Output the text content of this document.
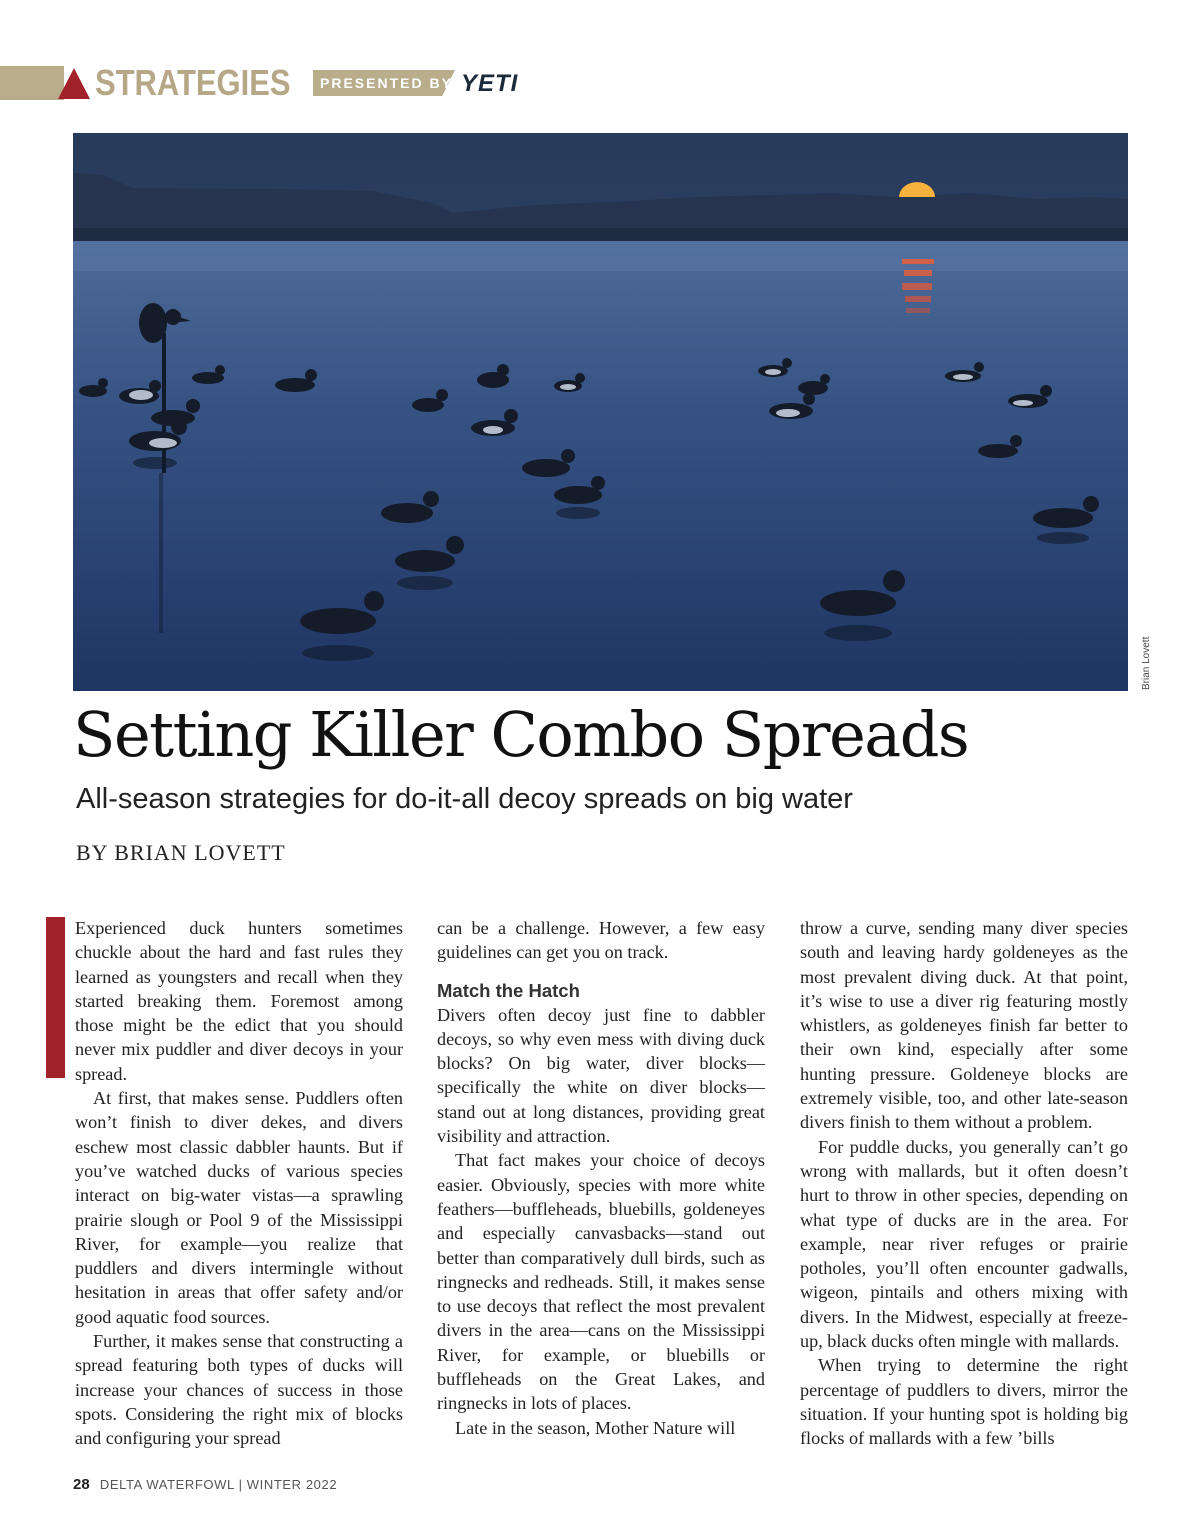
STRATEGIES PRESENTED BY YETI
Brian Lovett
Setting Killer Combo Spreads
All-season strategies for do-it-all decoy spreads on big water
BY BRIAN LOVETT

Experienced duck hunters sometimes chuckle about the hard and fast rules they learned as youngsters and recall when they started breaking them. Foremost among those might be the edict that you should never mix puddler and diver decoys in your spread.

At first, that makes sense. Puddlers often won’t finish to diver dekes, and divers eschew most classic dabbler haunts. But if you’ve watched ducks of various species interact on big-water vistas—a sprawling prairie slough or Pool 9 of the Mississippi River, for example—you realize that puddlers and divers intermingle without hesitation in areas that offer safety and/or good aquatic food sources.

Further, it makes sense that constructing a spread featuring both types of ducks will increase your chances of success in those spots. Considering the right mix of blocks and configuring your spread

can be a challenge. However, a few easy guidelines can get you on track.

Match the Hatch

Divers often decoy just fine to dabbler decoys, so why even mess with diving duck blocks? On big water, diver blocks—specifically the white on diver blocks—stand out at long distances, providing great visibility and attraction.

That fact makes your choice of decoys easier. Obviously, species with more white feathers—buffleheads, bluebills, goldeneyes and especially canvasbacks—stand out better than comparatively dull birds, such as ringnecks and redheads. Still, it makes sense to use decoys that reflect the most prevalent divers in the area—cans on the Mississippi River, for example, or bluebills or buffleheads on the Great Lakes, and ringnecks in lots of places.

Late in the season, Mother Nature will

throw a curve, sending many diver species south and leaving hardy goldeneyes as the most prevalent diving duck. At that point, it’s wise to use a diver rig featuring mostly whistlers, as goldeneyes finish far better to their own kind, especially after some hunting pressure. Goldeneye blocks are extremely visible, too, and other late-season divers finish to them without a problem.

For puddle ducks, you generally can’t go wrong with mallards, but it often doesn’t hurt to throw in other species, depending on what type of ducks are in the area. For example, near river refuges or prairie potholes, you’ll often encounter gadwalls, wigeon, pintails and others mixing with divers. In the Midwest, especially at freeze-up, black ducks often mingle with mallards.

When trying to determine the right percentage of puddlers to divers, mirror the situation. If your hunting spot is holding big flocks of mallards with a few ’bills

28 DELTA WATERFOWL | WINTER 2022
